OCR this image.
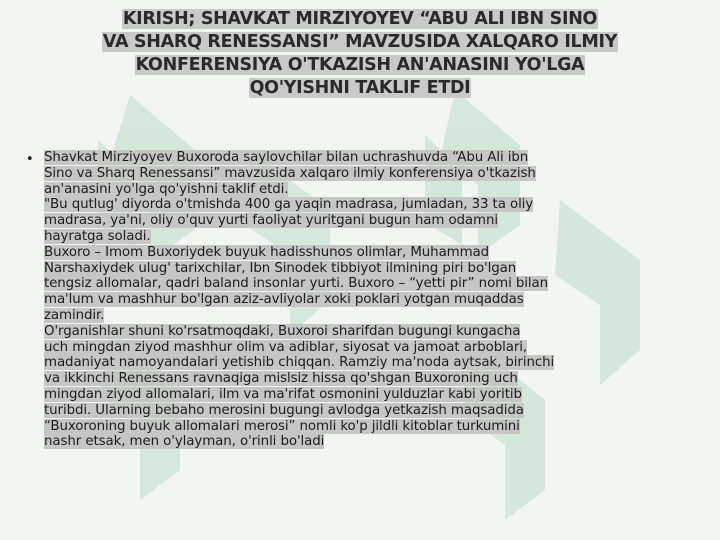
KIRISH; SHAVKAT MIRZIYOYEV “ABU ALI IBN SINO
VA SHARQ RENESSANSI” MAVZUSIDA XALQARO ILMIY
KONFERENSIYA O'TKAZISH AN'ANASINI YO'LGA
QO'YISHNI TAKLIF ETDI
• Shavkat Mirziyoyev Buxoroda saylovchilar bilan uchrashuvda “Abu Ali ibn
Sino va Sharq Renessansi” mavzusida xalqaro ilmiy konferensiya o'tkazish
an'anasini yo'lga qo'yishni taklif etdi.
"Bu qutlug' diyorda o'tmishda 400 ga yaqin madrasa, jumladan, 33 ta oliy
madrasa, ya'ni, oliy o'quv yurti faoliyat yuritgani bugun ham odamni
hayratga soladi.
Buxoro – Imom Buxoriydek buyuk hadisshunos olimlar, Muhammad
Narshaxiydek ulug' tarixchilar, Ibn Sinodek tibbiyot ilmining piri bo'lgan
tengsiz allomalar, qadri baland insonlar yurti. Buxoro – “yetti pir” nomi bilan
ma'lum va mashhur bo'lgan aziz-avliyolar xoki poklari yotgan muqaddas
zamindir.
O'rganishlar shuni ko'rsatmoqdaki, Buxoroi sharifdan bugungi kungacha
uch mingdan ziyod mashhur olim va adiblar, siyosat va jamoat arboblari,
madaniyat namoyandalari yetishib chiqqan. Ramziy ma'noda aytsak, birinchi
va ikkinchi Renessans ravnaqiga mislsiz hissa qo'shgan Buxoroning uch
mingdan ziyod allomalari, ilm va ma'rifat osmonini yulduzlar kabi yoritib
turibdi. Ularning bebaho merosini bugungi avlodga yetkazish maqsadida
“Buxoroning buyuk allomalari merosi” nomli ko'p jildli kitoblar turkumini
nashr etsak, men o'ylayman, o'rinli bo'ladi
